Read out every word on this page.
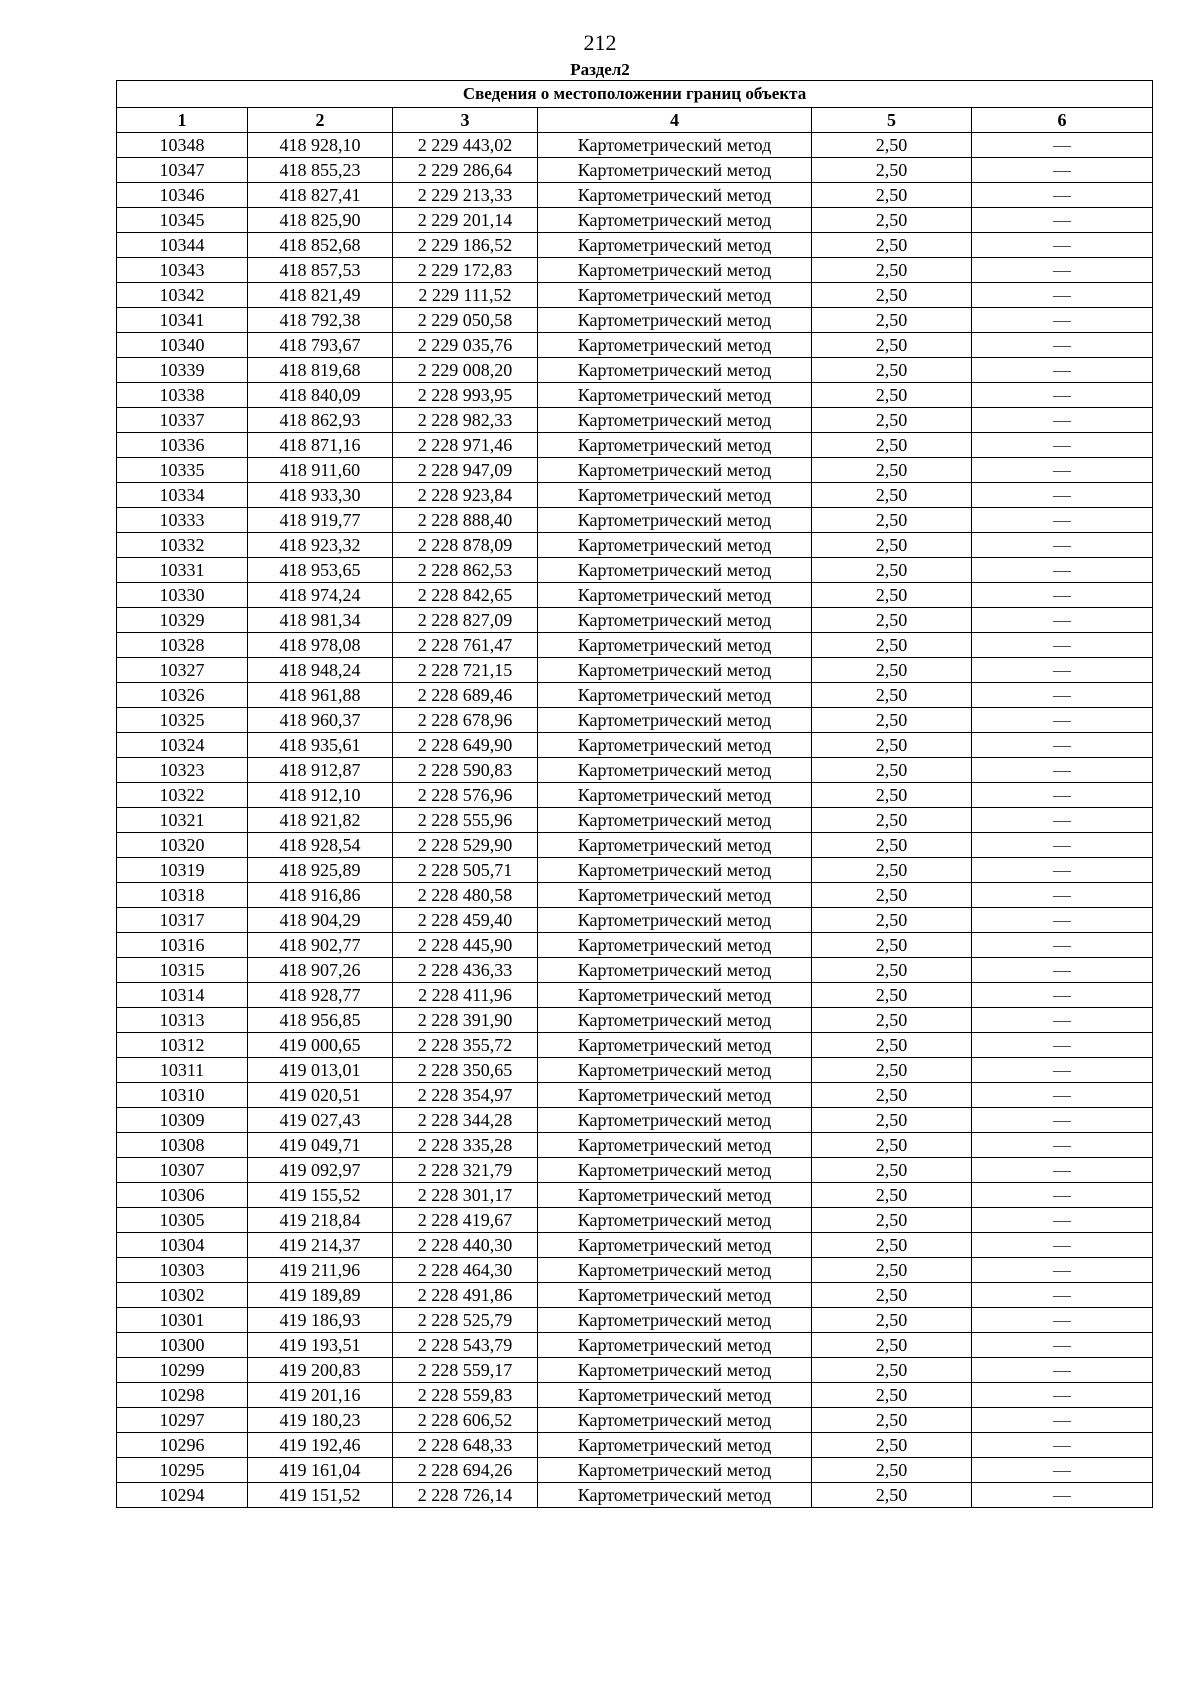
212
Раздел2
Сведения о местоположении границ объекта					
1	2	3	4	5	6
10348	418 928,10	2 229 443,02	Картометрический метод	2,50	—
10347	418 855,23	2 229 286,64	Картометрический метод	2,50	—
10346	418 827,41	2 229 213,33	Картометрический метод	2,50	—
10345	418 825,90	2 229 201,14	Картометрический метод	2,50	—
10344	418 852,68	2 229 186,52	Картометрический метод	2,50	—
10343	418 857,53	2 229 172,83	Картометрический метод	2,50	—
10342	418 821,49	2 229 111,52	Картометрический метод	2,50	—
10341	418 792,38	2 229 050,58	Картометрический метод	2,50	—
10340	418 793,67	2 229 035,76	Картометрический метод	2,50	—
10339	418 819,68	2 229 008,20	Картометрический метод	2,50	—
10338	418 840,09	2 228 993,95	Картометрический метод	2,50	—
10337	418 862,93	2 228 982,33	Картометрический метод	2,50	—
10336	418 871,16	2 228 971,46	Картометрический метод	2,50	—
10335	418 911,60	2 228 947,09	Картометрический метод	2,50	—
10334	418 933,30	2 228 923,84	Картометрический метод	2,50	—
10333	418 919,77	2 228 888,40	Картометрический метод	2,50	—
10332	418 923,32	2 228 878,09	Картометрический метод	2,50	—
10331	418 953,65	2 228 862,53	Картометрический метод	2,50	—
10330	418 974,24	2 228 842,65	Картометрический метод	2,50	—
10329	418 981,34	2 228 827,09	Картометрический метод	2,50	—
10328	418 978,08	2 228 761,47	Картометрический метод	2,50	—
10327	418 948,24	2 228 721,15	Картометрический метод	2,50	—
10326	418 961,88	2 228 689,46	Картометрический метод	2,50	—
10325	418 960,37	2 228 678,96	Картометрический метод	2,50	—
10324	418 935,61	2 228 649,90	Картометрический метод	2,50	—
10323	418 912,87	2 228 590,83	Картометрический метод	2,50	—
10322	418 912,10	2 228 576,96	Картометрический метод	2,50	—
10321	418 921,82	2 228 555,96	Картометрический метод	2,50	—
10320	418 928,54	2 228 529,90	Картометрический метод	2,50	—
10319	418 925,89	2 228 505,71	Картометрический метод	2,50	—
10318	418 916,86	2 228 480,58	Картометрический метод	2,50	—
10317	418 904,29	2 228 459,40	Картометрический метод	2,50	—
10316	418 902,77	2 228 445,90	Картометрический метод	2,50	—
10315	418 907,26	2 228 436,33	Картометрический метод	2,50	—
10314	418 928,77	2 228 411,96	Картометрический метод	2,50	—
10313	418 956,85	2 228 391,90	Картометрический метод	2,50	—
10312	419 000,65	2 228 355,72	Картометрический метод	2,50	—
10311	419 013,01	2 228 350,65	Картометрический метод	2,50	—
10310	419 020,51	2 228 354,97	Картометрический метод	2,50	—
10309	419 027,43	2 228 344,28	Картометрический метод	2,50	—
10308	419 049,71	2 228 335,28	Картометрический метод	2,50	—
10307	419 092,97	2 228 321,79	Картометрический метод	2,50	—
10306	419 155,52	2 228 301,17	Картометрический метод	2,50	—
10305	419 218,84	2 228 419,67	Картометрический метод	2,50	—
10304	419 214,37	2 228 440,30	Картометрический метод	2,50	—
10303	419 211,96	2 228 464,30	Картометрический метод	2,50	—
10302	419 189,89	2 228 491,86	Картометрический метод	2,50	—
10301	419 186,93	2 228 525,79	Картометрический метод	2,50	—
10300	419 193,51	2 228 543,79	Картометрический метод	2,50	—
10299	419 200,83	2 228 559,17	Картометрический метод	2,50	—
10298	419 201,16	2 228 559,83	Картометрический метод	2,50	—
10297	419 180,23	2 228 606,52	Картометрический метод	2,50	—
10296	419 192,46	2 228 648,33	Картометрический метод	2,50	—
10295	419 161,04	2 228 694,26	Картометрический метод	2,50	—
10294	419 151,52	2 228 726,14	Картометрический метод	2,50	—
